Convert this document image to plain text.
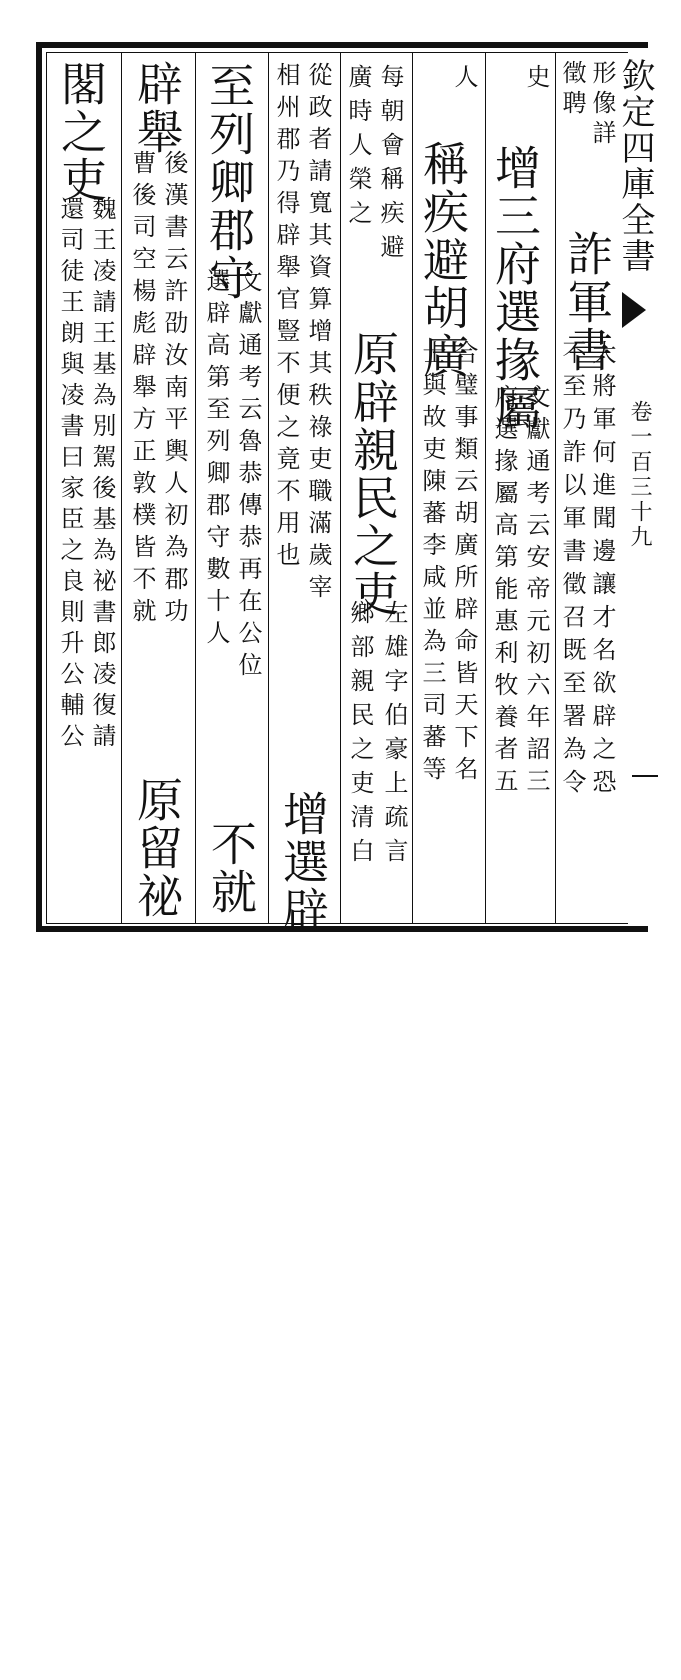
欽定四庫全書
卷一百三十九
形像詳
徵聘
詐軍書
大將軍何進聞邊讓才名欲辟之恐
不至乃詐以軍書徵召既至署為令
史
增三府選掾屬
文獻通考云安帝元初六年詔三
府選掾屬高第能惠利牧養者五
人
稱疾避胡廣
合璧事類云胡廣所辟命皆天下名
士與故吏陳蕃李咸並為三司蕃等
每朝會稱疾避
廣時人榮之
原辟親民之吏
左雄字伯豪上疏言
鄉部親民之吏清白
從政者請寬其資算增其秩祿吏職滿歲宰
相州郡乃得辟舉官豎不便之竟不用也
增選辟
至列卿郡守
文獻通考云魯恭傳恭再在公位
選辟高第至列卿郡守數十人
不就
辟舉
後漢書云許劭汝南平輿人初為郡功
曹後司空楊彪辟舉方正敦樸皆不就
原留祕
閣之吏
魏王凌請王基為別駕後基為祕書郎凌復請
還司徒王朗與凌書曰家臣之良則升公輔公
